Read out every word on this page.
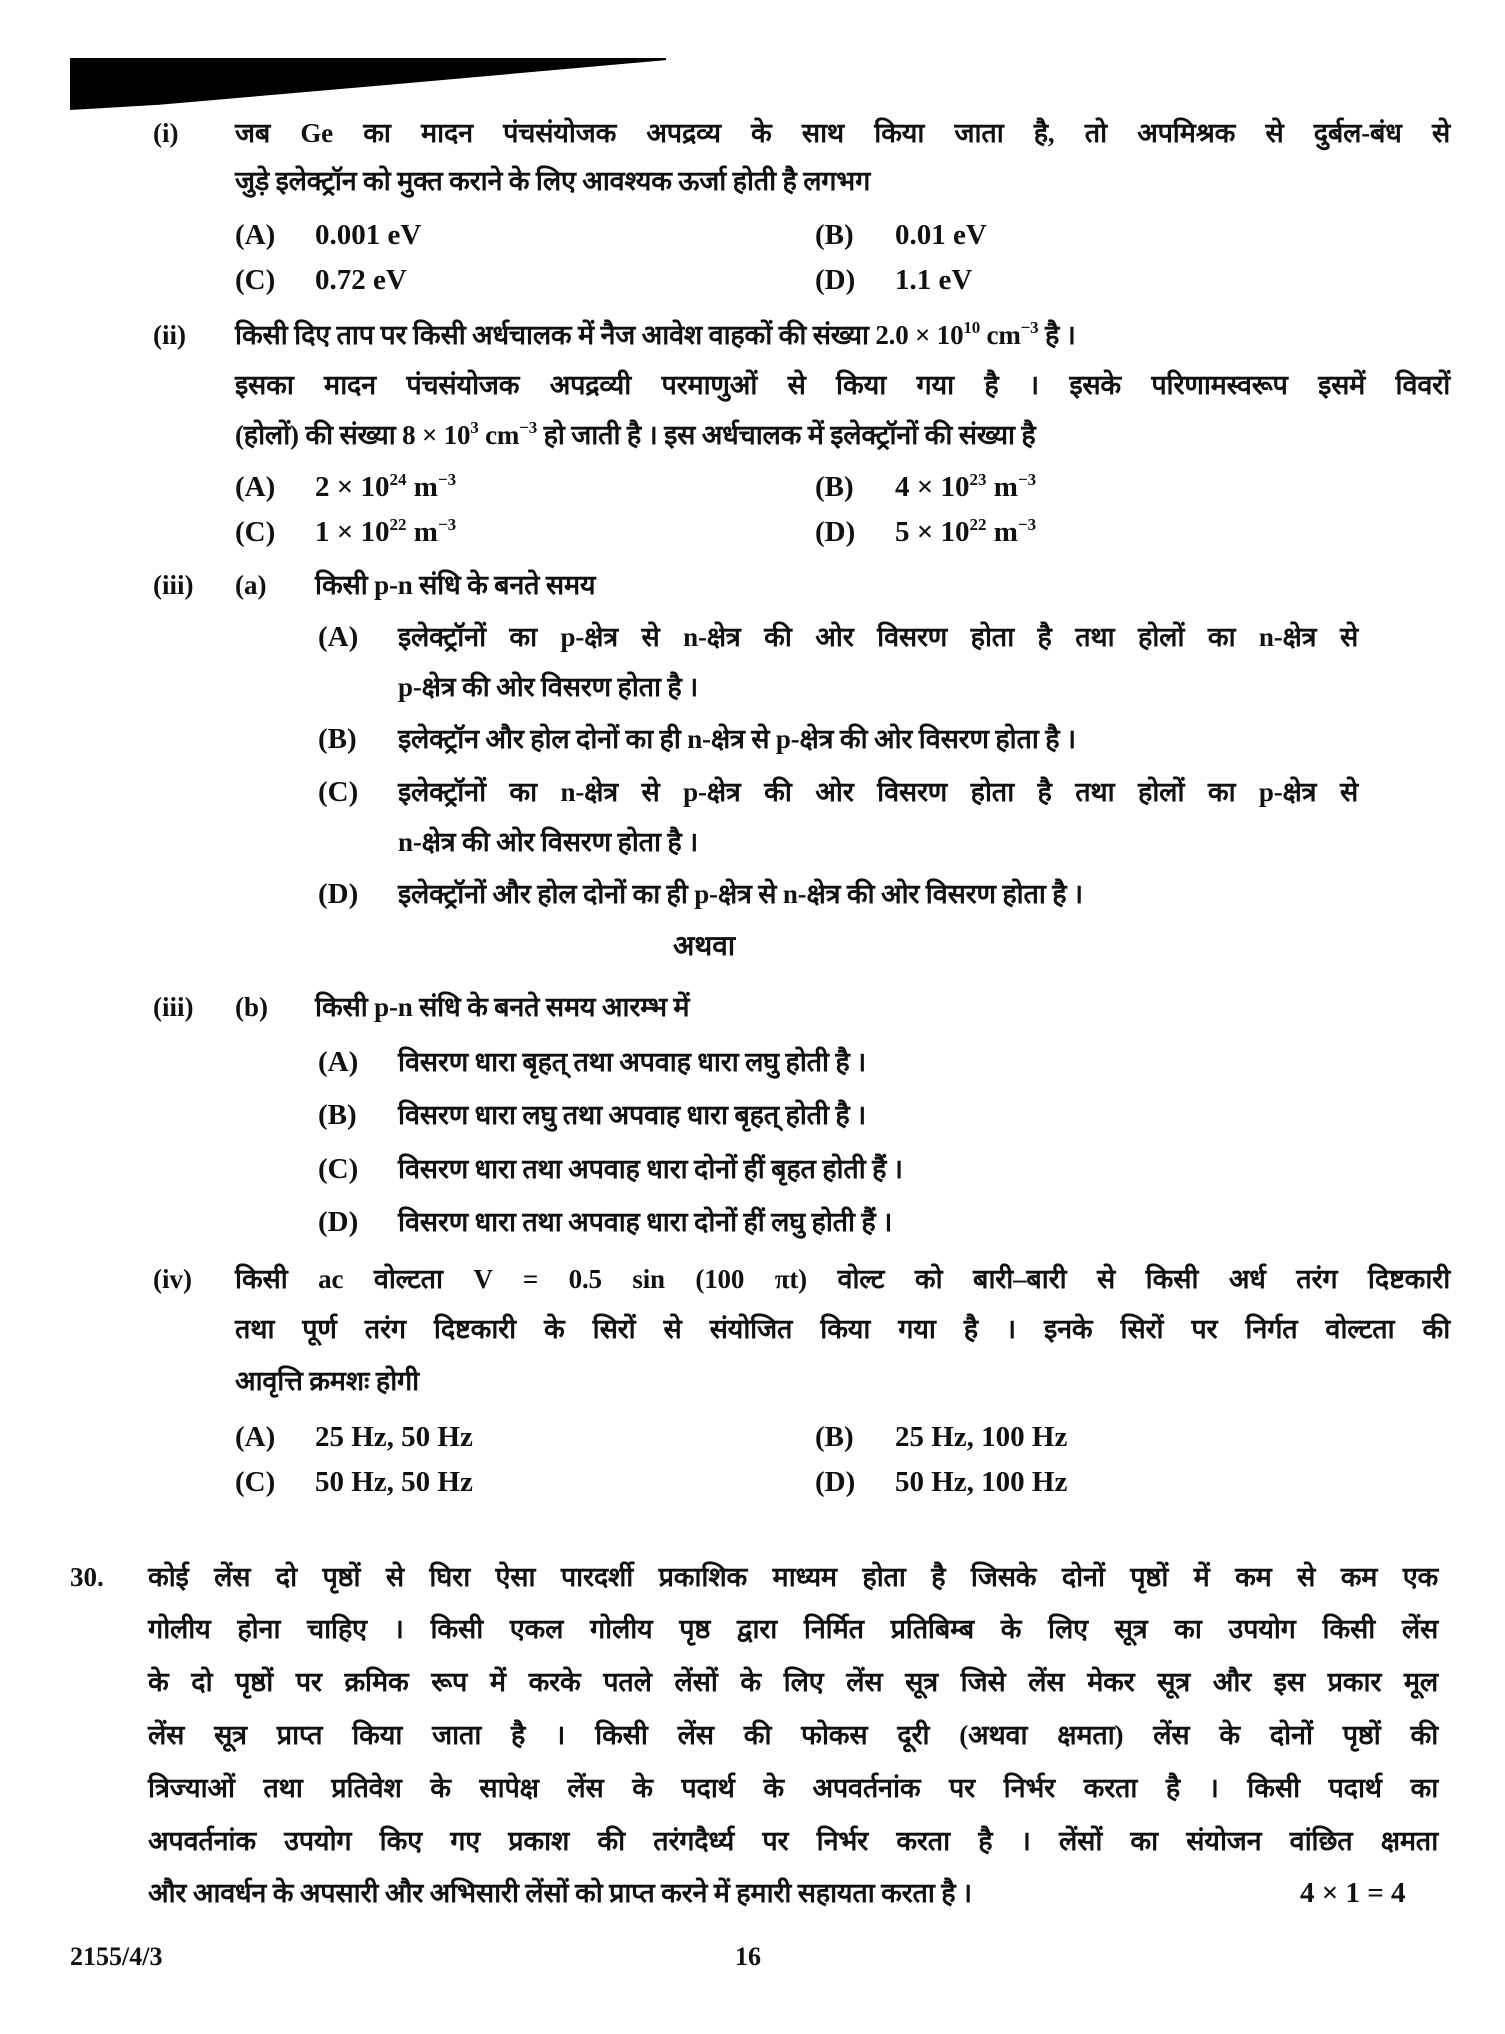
(i) जब Ge का मादन पंचसंयोजक अपद्रव्य के साथ किया जाता है, तो अपमिश्रक से दुर्बल-बंध से
जुड़े इलेक्ट्रॉन को मुक्त कराने के लिए आवश्यक ऊर्जा होती है लगभग
(A) 0.001 eV	(B) 0.01 eV
(C) 0.72 eV	(D) 1.1 eV
(ii) किसी दिए ताप पर किसी अर्धचालक में नैज आवेश वाहकों की संख्या $2.0 \times 10^{10}$ $cm^{-3}$ है ।
इसका मादन पंचसंयोजक अपद्रव्यी परमाणुओं से किया गया है । इसके परिणामस्वरूप इसमें विवरों
(होलों) की संख्या $8 \times 10^3$ $cm^{-3}$ हो जाती है । इस अर्धचालक में इलेक्ट्रॉनों की संख्या है
(A) $2 \times 10^{24}$ $m^{-3}$	(B) $4 \times 10^{23}$ $m^{-3}$
(C) $1 \times 10^{22}$ $m^{-3}$	(D) $5 \times 10^{22}$ $m^{-3}$
(iii) (a) किसी p-n संधि के बनते समय
(A) इलेक्ट्रॉनों का p-क्षेत्र से n-क्षेत्र की ओर विसरण होता है तथा होलों का n-क्षेत्र से
p-क्षेत्र की ओर विसरण होता है ।
(B) इलेक्ट्रॉन और होल दोनों का ही n-क्षेत्र से p-क्षेत्र की ओर विसरण होता है ।
(C) इलेक्ट्रॉनों का n-क्षेत्र से p-क्षेत्र की ओर विसरण होता है तथा होलों का p-क्षेत्र से
n-क्षेत्र की ओर विसरण होता है ।
(D) इलेक्ट्रॉनों और होल दोनों का ही p-क्षेत्र से n-क्षेत्र की ओर विसरण होता है ।
अथवा
(iii) (b) किसी p-n संधि के बनते समय आरम्भ में
(A) विसरण धारा बृहत् तथा अपवाह धारा लघु होती है ।
(B) विसरण धारा लघु तथा अपवाह धारा बृहत् होती है ।
(C) विसरण धारा तथा अपवाह धारा दोनों हीं बृहत होती हैं ।
(D) विसरण धारा तथा अपवाह धारा दोनों हीं लघु होती हैं ।
(iv) किसी ac वोल्टता V = 0.5 sin (100 πt) वोल्ट को बारी–बारी से किसी अर्ध तरंग दिष्टकारी
तथा पूर्ण तरंग दिष्टकारी के सिरों से संयोजित किया गया है । इनके सिरों पर निर्गत वोल्टता की
आवृत्ति क्रमशः होगी
(A) 25 Hz, 50 Hz	(B) 25 Hz, 100 Hz
(C) 50 Hz, 50 Hz	(D) 50 Hz, 100 Hz
30. कोई लेंस दो पृष्ठों से घिरा ऐसा पारदर्शी प्रकाशिक माध्यम होता है जिसके दोनों पृष्ठों में कम से कम एक
गोलीय होना चाहिए । किसी एकल गोलीय पृष्ठ द्वारा निर्मित प्रतिबिम्ब के लिए सूत्र का उपयोग किसी लेंस
के दो पृष्ठों पर क्रमिक रूप में करके पतले लेंसों के लिए लेंस सूत्र जिसे लेंस मेकर सूत्र और इस प्रकार मूल
लेंस सूत्र प्राप्त किया जाता है । किसी लेंस की फोकस दूरी (अथवा क्षमता) लेंस के दोनों पृष्ठों की
त्रिज्याओं तथा प्रतिवेश के सापेक्ष लेंस के पदार्थ के अपवर्तनांक पर निर्भर करता है । किसी पदार्थ का
अपवर्तनांक उपयोग किए गए प्रकाश की तरंगदैर्ध्य पर निर्भर करता है । लेंसों का संयोजन वांछित क्षमता
और आवर्धन के अपसारी और अभिसारी लेंसों को प्राप्त करने में हमारी सहायता करता है ।	4 × 1 = 4
2155/4/3	16
